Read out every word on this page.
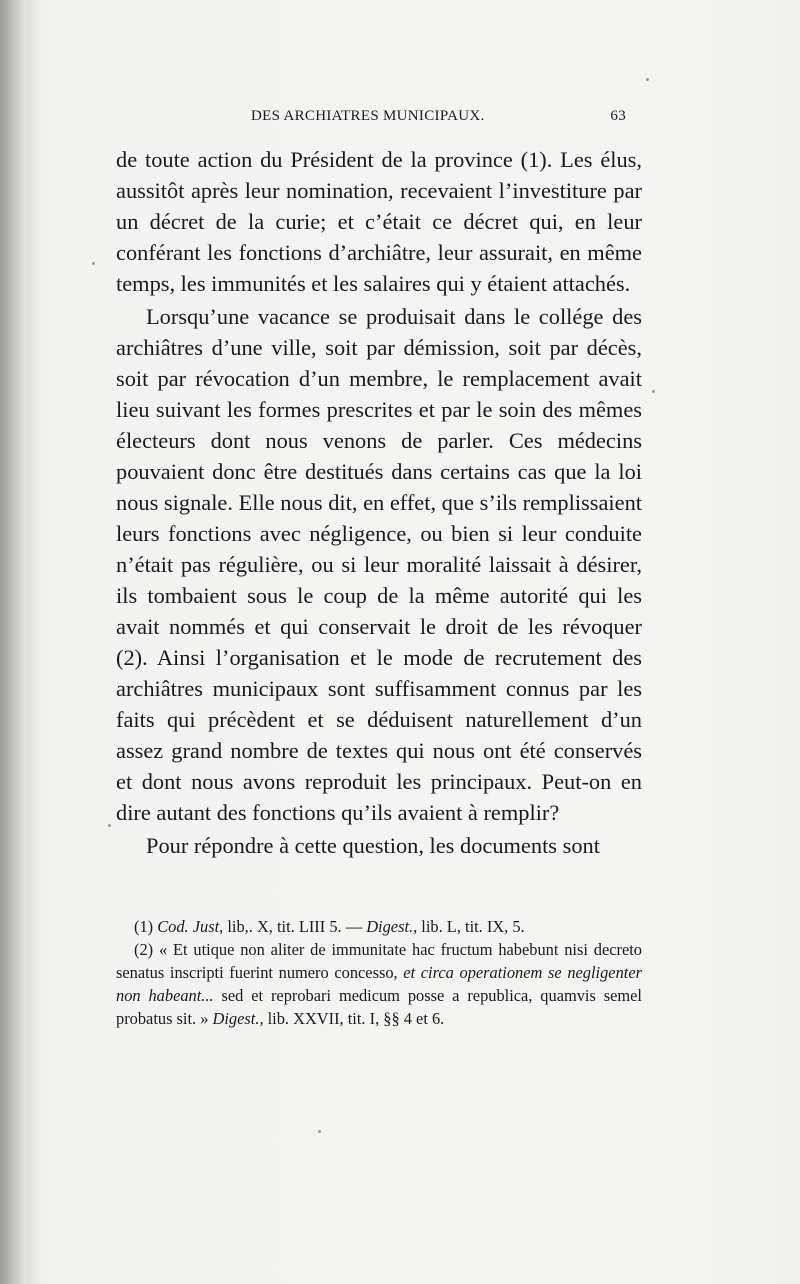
DES ARCHIATRES MUNICIPAUX.	63

de toute action du Président de la province (1). Les élus, aussitôt après leur nomination, recevaient l’investiture par un décret de la curie; et c’était ce décret qui, en leur conférant les fonctions d’archiâtre, leur assurait, en même temps, les immunités et les salaires qui y étaient attachés.

Lorsqu’une vacance se produisait dans le collége des archiâtres d’une ville, soit par démission, soit par décès, soit par révocation d’un membre, le remplacement avait lieu suivant les formes prescrites et par le soin des mêmes électeurs dont nous venons de parler. Ces médecins pouvaient donc être destitués dans certains cas que la loi nous signale. Elle nous dit, en effet, que s’ils remplissaient leurs fonctions avec négligence, ou bien si leur conduite n’était pas régulière, ou si leur moralité laissait à désirer, ils tombaient sous le coup de la même autorité qui les avait nommés et qui conservait le droit de les révoquer (2). Ainsi l’organisation et le mode de recrutement des archiâtres municipaux sont suffisamment connus par les faits qui précèdent et se déduisent naturellement d’un assez grand nombre de textes qui nous ont été conservés et dont nous avons reproduit les principaux. Peut-on en dire autant des fonctions qu’ils avaient à remplir?

Pour répondre à cette question, les documents sont

(1) Cod. Just, lib,. X, tit. LIII 5. — Digest., lib. L, tit. IX, 5.

(2) « Et utique non aliter de immunitate hac fructum habebunt nisi decreto senatus inscripti fuerint numero concesso, et circa operationem se negligenter non habeant... sed et reprobari medicum posse a republica, quamvis semel probatus sit. » Digest., lib. XXVII, tit. I, §§ 4 et 6.
